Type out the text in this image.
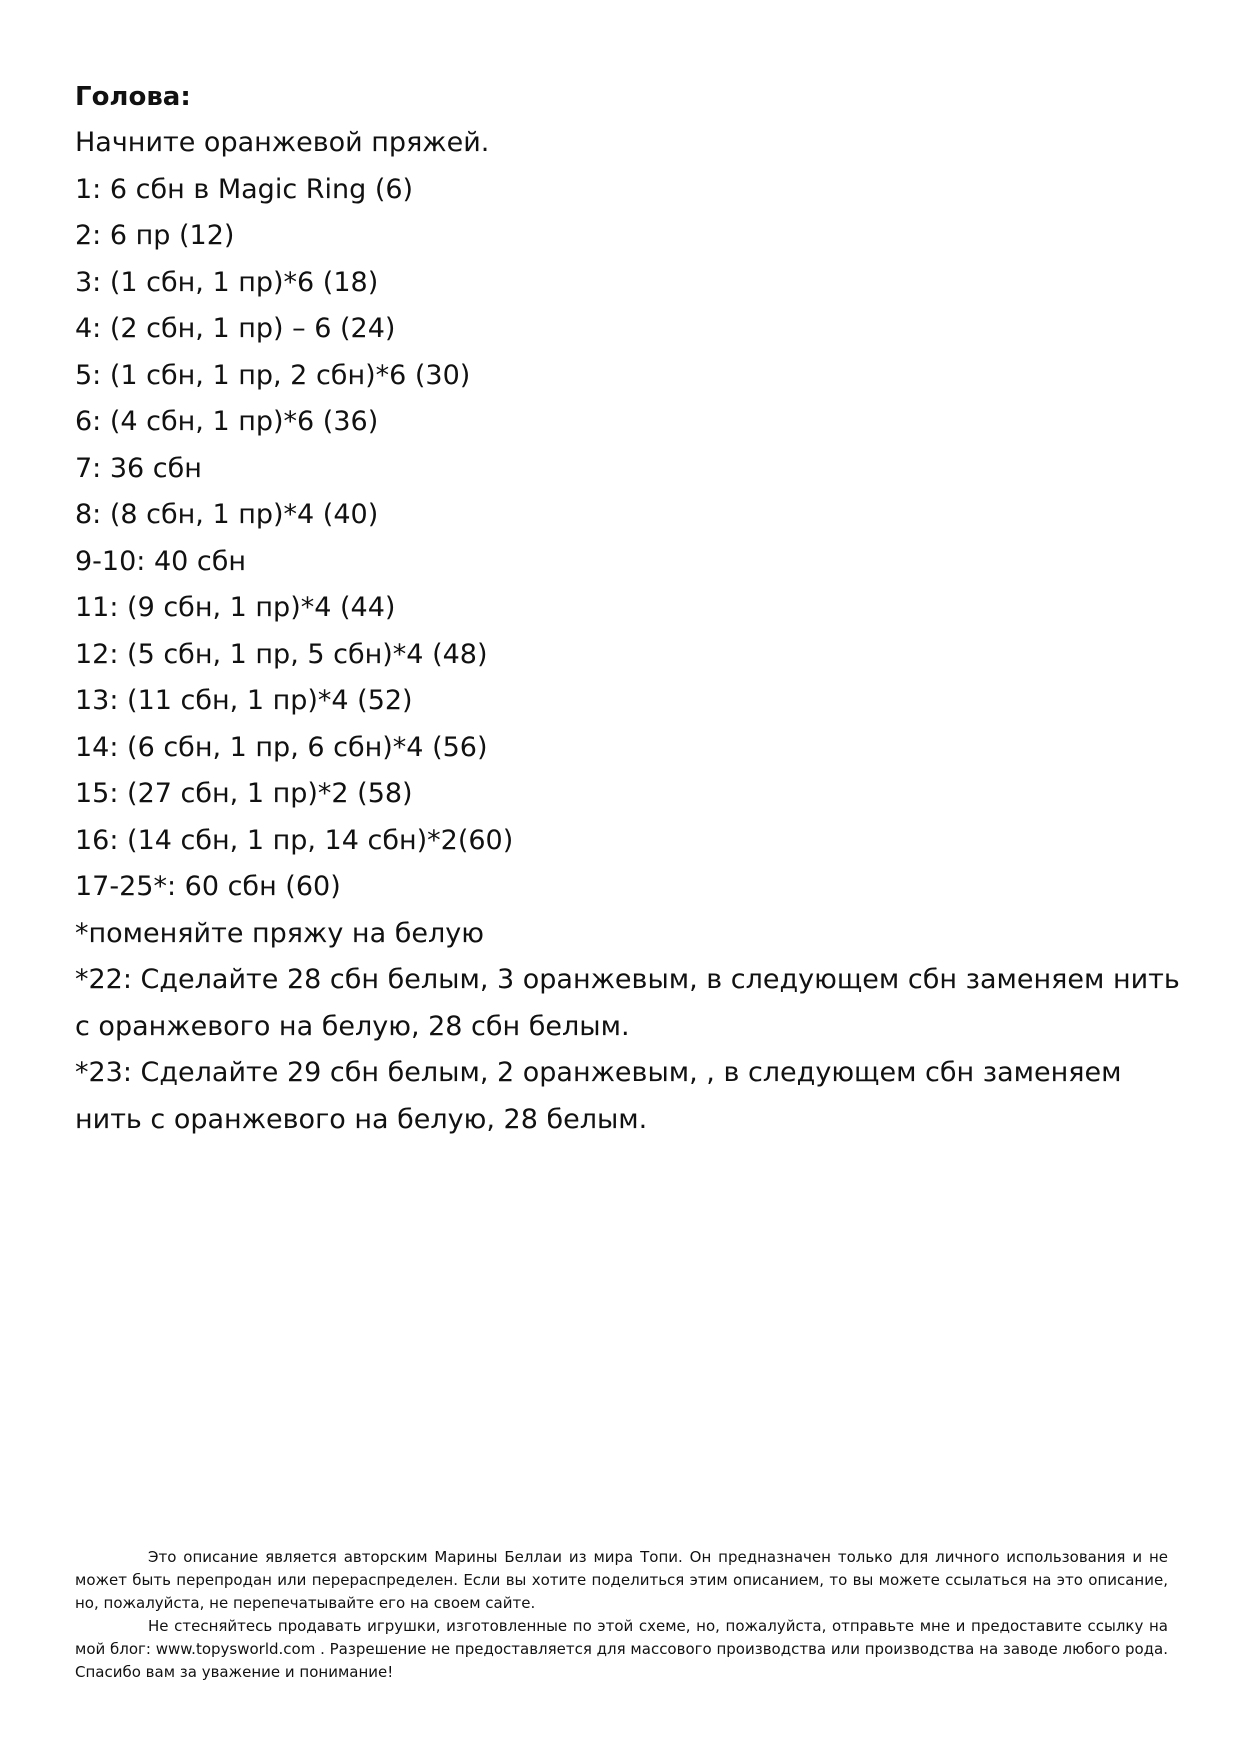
Голова:

Начните оранжевой пряжей.

1: 6 сбн в Magic Ring (6)

2: 6 пр (12)

3: (1 сбн, 1 пр)*6 (18)

4: (2 сбн, 1 пр) – 6 (24)

5: (1 сбн, 1 пр, 2 сбн)*6 (30)

6: (4 сбн, 1 пр)*6 (36)

7: 36 сбн

8: (8 сбн, 1 пр)*4 (40)

9-10: 40 сбн

11: (9 сбн, 1 пр)*4 (44)

12: (5 сбн, 1 пр, 5 сбн)*4 (48)

13: (11 сбн, 1 пр)*4 (52)

14: (6 сбн, 1 пр, 6 сбн)*4 (56)

15: (27 сбн, 1 пр)*2 (58)

16: (14 сбн, 1 пр, 14 сбн)*2(60)

17-25*: 60 сбн (60)

*поменяйте пряжу на белую

*22: Сделайте 28 сбн белым, 3 оранжевым, в следующем сбн заменяем нить с оранжевого на белую, 28 сбн белым.

*23: Сделайте 29 сбн белым, 2 оранжевым, , в следующем сбн заменяем нить с оранжевого на белую, 28 белым.

Это описание является авторским Марины Беллаи из мира Топи. Он предназначен только для личного использования и не может быть перепродан или перераспределен. Если вы хотите поделиться этим описанием, то вы можете ссылаться на это описание, но, пожалуйста, не перепечатывайте его на своем сайте.

Не стесняйтесь продавать игрушки, изготовленные по этой схеме, но, пожалуйста, отправьте мне и предоставите ссылку на мой блог: www.topysworld.com . Разрешение не предоставляется для массового производства или производства на заводе любого рода. Спасибо вам за уважение и понимание!
